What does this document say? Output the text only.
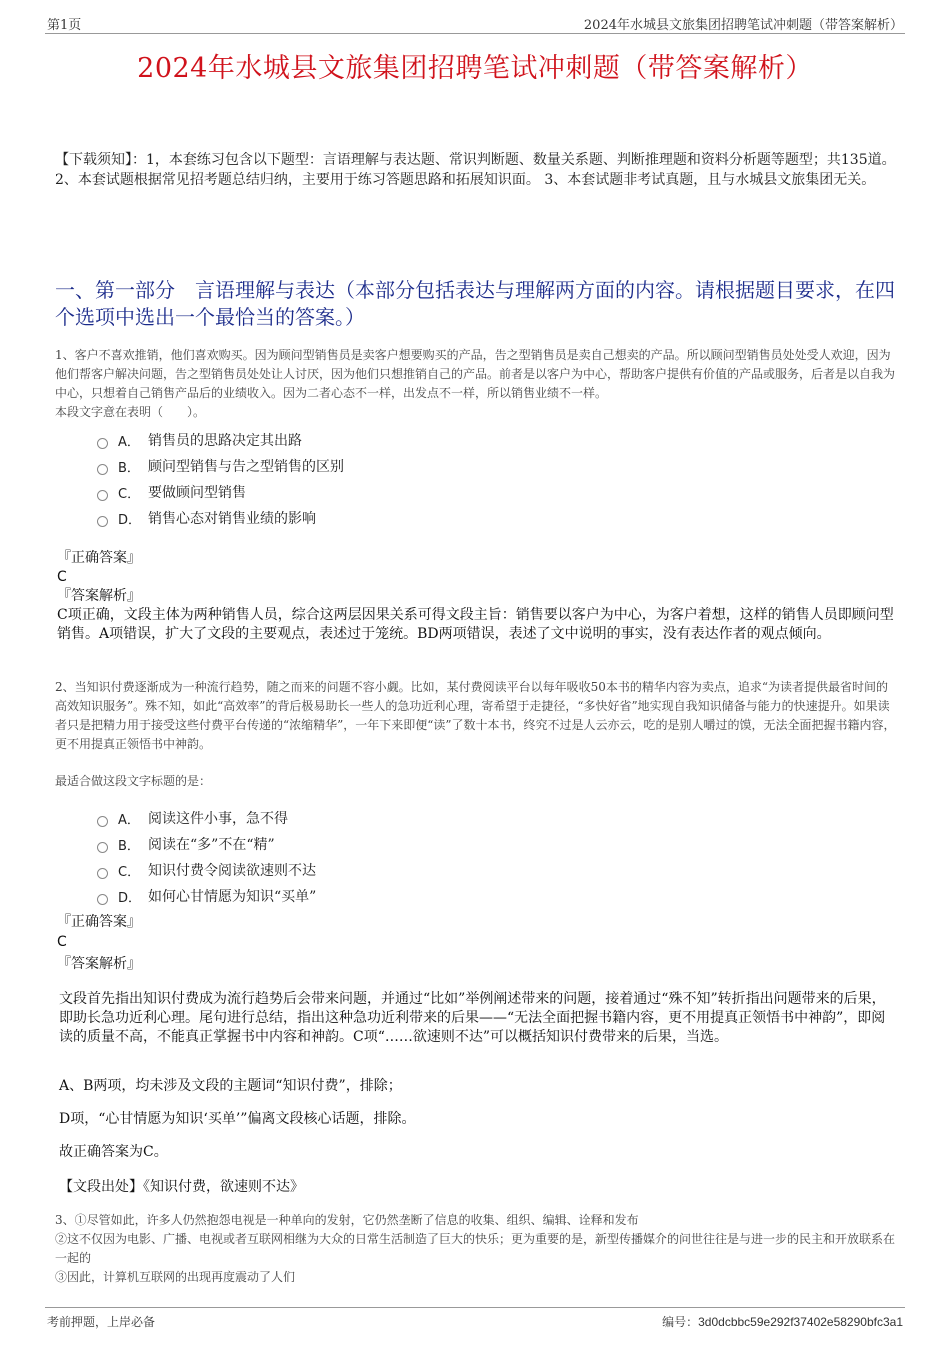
第1页	2024年水城县文旅集团招聘笔试冲刺题（带答案解析）
2024年水城县文旅集团招聘笔试冲刺题（带答案解析）
【下载须知】：1，本套练习包含以下题型：言语理解与表达题、常识判断题、数量关系题、判断推理题和资料分析题等题型；共135道。 2、本套试题根据常见招考题总结归纳，主要用于练习答题思路和拓展知识面。 3、本套试题非考试真题，且与水城县文旅集团无关。
一、第一部分　言语理解与表达（本部分包括表达与理解两方面的内容。请根据题目要求，在四个选项中选出一个最恰当的答案。）
1、客户不喜欢推销，他们喜欢购买。因为顾问型销售员是卖客户想要购买的产品，告之型销售员是卖自己想卖的产品。所以顾问型销售员处处受人欢迎，因为他们帮客户解决问题，告之型销售员处处让人讨厌，因为他们只想推销自己的产品。前者是以客户为中心，帮助客户提供有价值的产品或服务，后者是以自我为中心，只想着自己销售产品后的业绩收入。因为二者心态不一样，出发点不一样，所以销售业绩不一样。
本段文字意在表明（　　）。
A． 销售员的思路决定其出路
B． 顾问型销售与告之型销售的区别
C． 要做顾问型销售
D． 销售心态对销售业绩的影响
『正确答案』
C
『答案解析』
C项正确，文段主体为两种销售人员，综合这两层因果关系可得文段主旨：销售要以客户为中心，为客户着想，这样的销售人员即顾问型销售。A项错误，扩大了文段的主要观点，表述过于笼统。BD两项错误，表述了文中说明的事实，没有表达作者的观点倾向。
2、当知识付费逐渐成为一种流行趋势，随之而来的问题不容小觑。比如，某付费阅读平台以每年吸收50本书的精华内容为卖点，追求“为读者提供最省时间的高效知识服务”。殊不知，如此“高效率”的背后极易助长一些人的急功近利心理，寄希望于走捷径，“多快好省”地实现自我知识储备与能力的快速提升。如果读者只是把精力用于接受这些付费平台传递的“浓缩精华”，一年下来即便“读”了数十本书，终究不过是人云亦云，吃的是别人嚼过的馍，无法全面把握书籍内容，更不用提真正领悟书中神韵。
最适合做这段文字标题的是：
A． 阅读这件小事，急不得
B． 阅读在“多”不在“精”
C． 知识付费令阅读欲速则不达
D． 如何心甘情愿为知识“买单”
『正确答案』
C
『答案解析』
文段首先指出知识付费成为流行趋势后会带来问题，并通过“比如”举例阐述带来的问题，接着通过“殊不知”转折指出问题带来的后果，即助长急功近利心理。尾句进行总结，指出这种急功近利带来的后果——“无法全面把握书籍内容，更不用提真正领悟书中神韵”，即阅读的质量不高，不能真正掌握书中内容和神韵。C项“……欲速则不达”可以概括知识付费带来的后果，当选。
A、B两项，均未涉及文段的主题词“知识付费”，排除；
D项，“心甘情愿为知识‘买单’”偏离文段核心话题，排除。
故正确答案为C。
【文段出处】《知识付费，欲速则不达》
3、①尽管如此，许多人仍然抱怨电视是一种单向的发射，它仍然垄断了信息的收集、组织、编辑、诠释和发布
②这不仅因为电影、广播、电视或者互联网相继为大众的日常生活制造了巨大的快乐；更为重要的是，新型传播媒介的问世往往是与进一步的民主和开放联系在一起的
③因此，计算机互联网的出现再度震动了人们
考前押题，上岸必备	编号：3d0dcbbc59e292f37402e58290bfc3a1
